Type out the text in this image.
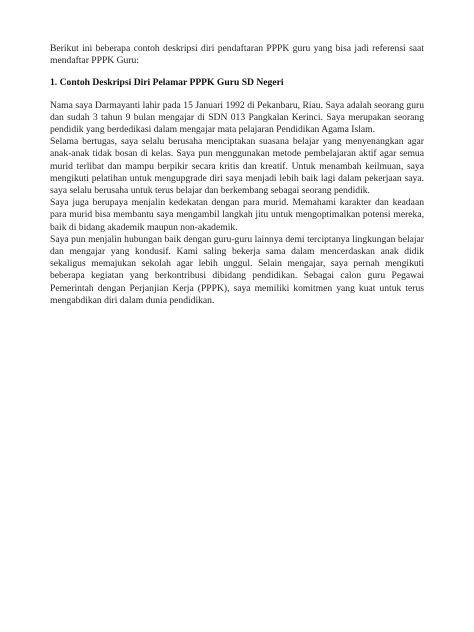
Berikut ini beberapa contoh deskripsi diri pendaftaran PPPK guru yang bisa jadi referensi saat mendaftar PPPK Guru:

1. Contoh Deskripsi Diri Pelamar PPPK Guru SD Negeri

Nama saya Darmayanti lahir pada 15 Januari 1992 di Pekanbaru, Riau. Saya adalah seorang guru dan sudah 3 tahun 9 bulan mengajar di SDN 013 Pangkalan Kerinci. Saya merupakan seorang pendidik yang berdedikasi dalam mengajar mata pelajaran Pendidikan Agama Islam.

Selama bertugas, saya selalu berusaha menciptakan suasana belajar yang menyenangkan agar anak-anak tidak bosan di kelas. Saya pun menggunakan metode pembelajaran aktif agar semua murid terlibat dan mampu berpikir secara kritis dan kreatif. Untuk menambah keilmuan, saya mengikuti pelatihan untuk mengupgrade diri saya menjadi lebih baik lagi dalam pekerjaan saya. saya selalu berusaha untuk terus belajar dan berkembang sebagai seorang pendidik.

Saya juga berupaya menjalin kedekatan dengan para murid. Memahami karakter dan keadaan para murid bisa membantu saya mengambil langkah jitu untuk mengoptimalkan potensi mereka, baik di bidang akademik maupun non-akademik.

Saya pun menjalin hubungan baik dengan guru-guru lainnya demi terciptanya lingkungan belajar dan mengajar yang kondusif. Kami saling bekerja sama dalam mencerdaskan anak didik sekaligus memajukan sekolah agar lebih unggul. Selain mengajar, saya pernah mengikuti beberapa kegiatan yang berkontribusi dibidang pendidikan. Sebagai calon guru Pegawai Pemerintah dengan Perjanjian Kerja (PPPK), saya memiliki komitmen yang kuat untuk terus mengabdikan diri dalam dunia pendidikan.
